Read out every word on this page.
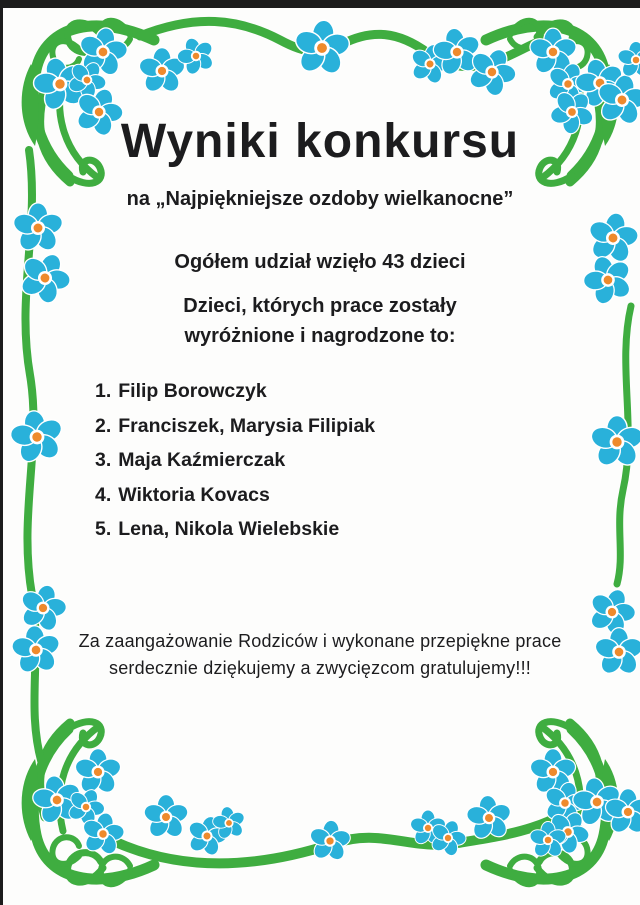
Wyniki konkursu
na „Najpiękniejsze ozdoby wielkanocne”
Ogółem udział wzięło 43 dzieci
Dzieci, których prace zostały
wyróżnione i nagrodzone to:
1. Filip Borowczyk
2. Franciszek, Marysia Filipiak
3. Maja Kaźmierczak
4. Wiktoria Kovacs
5. Lena, Nikola Wielebskie
Za zaangażowanie Rodziców i wykonane przepiękne prace
serdecznie dziękujemy a zwycięzcom gratulujemy!!!
